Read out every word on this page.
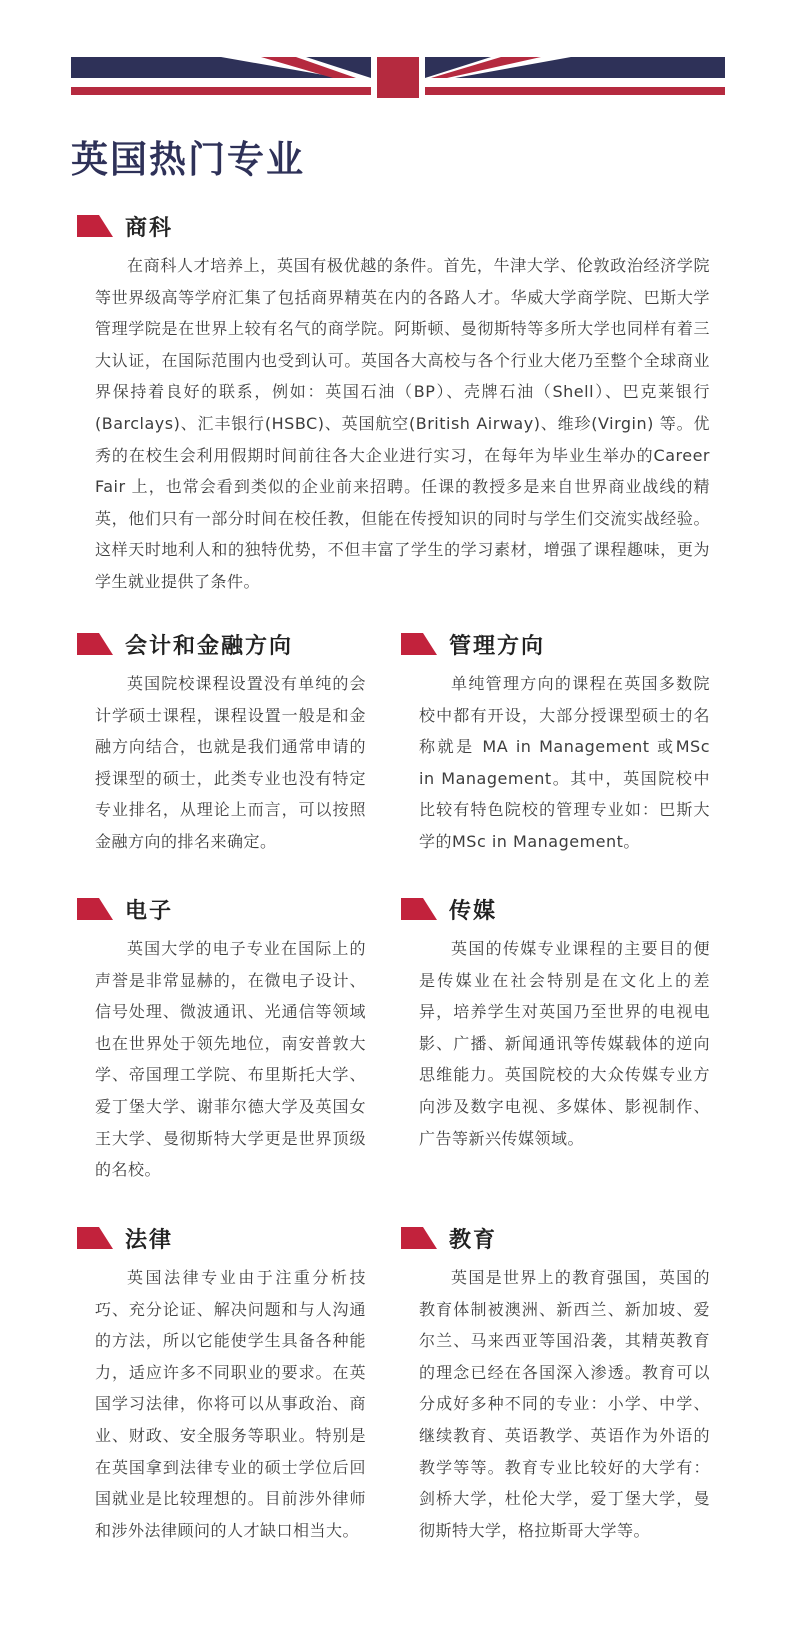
英国热门专业
商科

在商科人才培养上，英国有极优越的条件。首先，牛津大学、伦敦政治经济学院等世界级高等学府汇集了包括商界精英在内的各路人才。华威大学商学院、巴斯大学管理学院是在世界上较有名气的商学院。阿斯顿、曼彻斯特等多所大学也同样有着三大认证，在国际范围内也受到认可。英国各大高校与各个行业大佬乃至整个全球商业界保持着良好的联系，例如：英国石油（BP）、壳牌石油（Shell）、巴克莱银行(Barclays)、汇丰银行(HSBC)、英国航空(British Airway)、维珍(Virgin) 等。优秀的在校生会利用假期时间前往各大企业进行实习，在每年为毕业生举办的Career Fair 上，也常会看到类似的企业前来招聘。任课的教授多是来自世界商业战线的精英，他们只有一部分时间在校任教，但能在传授知识的同时与学生们交流实战经验。这样天时地利人和的独特优势，不但丰富了学生的学习素材，增强了课程趣味，更为学生就业提供了条件。

会计和金融方向

英国院校课程设置没有单纯的会计学硕士课程，课程设置一般是和金融方向结合，也就是我们通常申请的授课型的硕士，此类专业也没有特定专业排名，从理论上而言，可以按照金融方向的排名来确定。

管理方向

单纯管理方向的课程在英国多数院校中都有开设，大部分授课型硕士的名称就是 MA in Management 或MSc in Management。其中，英国院校中比较有特色院校的管理专业如：巴斯大学的MSc in Management。

电子

英国大学的电子专业在国际上的声誉是非常显赫的，在微电子设计、信号处理、微波通讯、光通信等领域也在世界处于领先地位，南安普敦大学、帝国理工学院、布里斯托大学、爱丁堡大学、谢菲尔德大学及英国女王大学、曼彻斯特大学更是世界顶级的名校。

传媒

英国的传媒专业课程的主要目的便是传媒业在社会特别是在文化上的差异，培养学生对英国乃至世界的电视电影、广播、新闻通讯等传媒载体的逆向思维能力。英国院校的大众传媒专业方向涉及数字电视、多媒体、影视制作、广告等新兴传媒领域。

法律

英国法律专业由于注重分析技巧、充分论证、解决问题和与人沟通的方法，所以它能使学生具备各种能力，适应许多不同职业的要求。在英国学习法律，你将可以从事政治、商业、财政、安全服务等职业。特别是在英国拿到法律专业的硕士学位后回国就业是比较理想的。目前涉外律师和涉外法律顾问的人才缺口相当大。

教育

英国是世界上的教育强国，英国的教育体制被澳洲、新西兰、新加坡、爱尔兰、马来西亚等国沿袭，其精英教育的理念已经在各国深入渗透。教育可以分成好多种不同的专业：小学、中学、继续教育、英语教学、英语作为外语的教学等等。教育专业比较好的大学有：剑桥大学，杜伦大学，爱丁堡大学，曼彻斯特大学，格拉斯哥大学等。
